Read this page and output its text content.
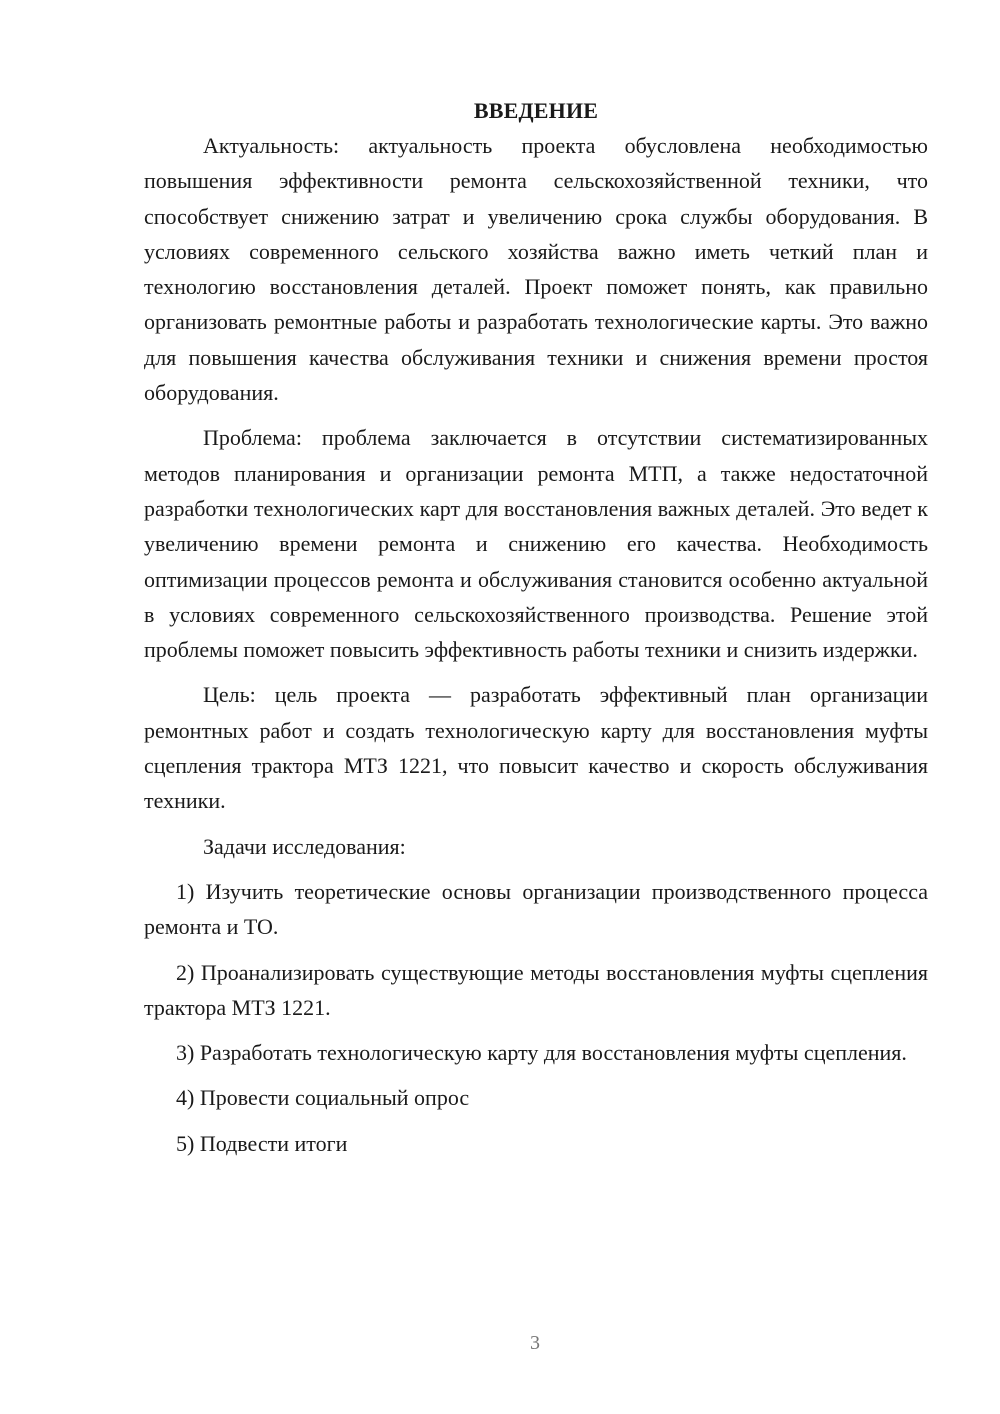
ВВЕДЕНИЕ

Актуальность: актуальность проекта обусловлена необходимостью повышения эффективности ремонта сельскохозяйственной техники, что способствует снижению затрат и увеличению срока службы оборудования. В условиях современного сельского хозяйства важно иметь четкий план и технологию восстановления деталей. Проект поможет понять, как правильно организовать ремонтные работы и разработать технологические карты. Это важно для повышения качества обслуживания техники и снижения времени простоя оборудования.

Проблема: проблема заключается в отсутствии систематизированных методов планирования и организации ремонта МТП, а также недостаточной разработки технологических карт для восстановления важных деталей. Это ведет к увеличению времени ремонта и снижению его качества. Необходимость оптимизации процессов ремонта и обслуживания становится особенно актуальной в условиях современного сельскохозяйственного производства. Решение этой проблемы поможет повысить эффективность работы техники и снизить издержки.

Цель: цель проекта — разработать эффективный план организации ремонтных работ и создать технологическую карту для восстановления муфты сцепления трактора МТЗ 1221, что повысит качество и скорость обслуживания техники.

Задачи исследования:

1) Изучить теоретические основы организации производственного процесса ремонта и ТО.

2) Проанализировать существующие методы восстановления муфты сцепления трактора МТЗ 1221.

3) Разработать технологическую карту для восстановления муфты сцепления.

4) Провести социальный опрос

5) Подвести итоги

3
